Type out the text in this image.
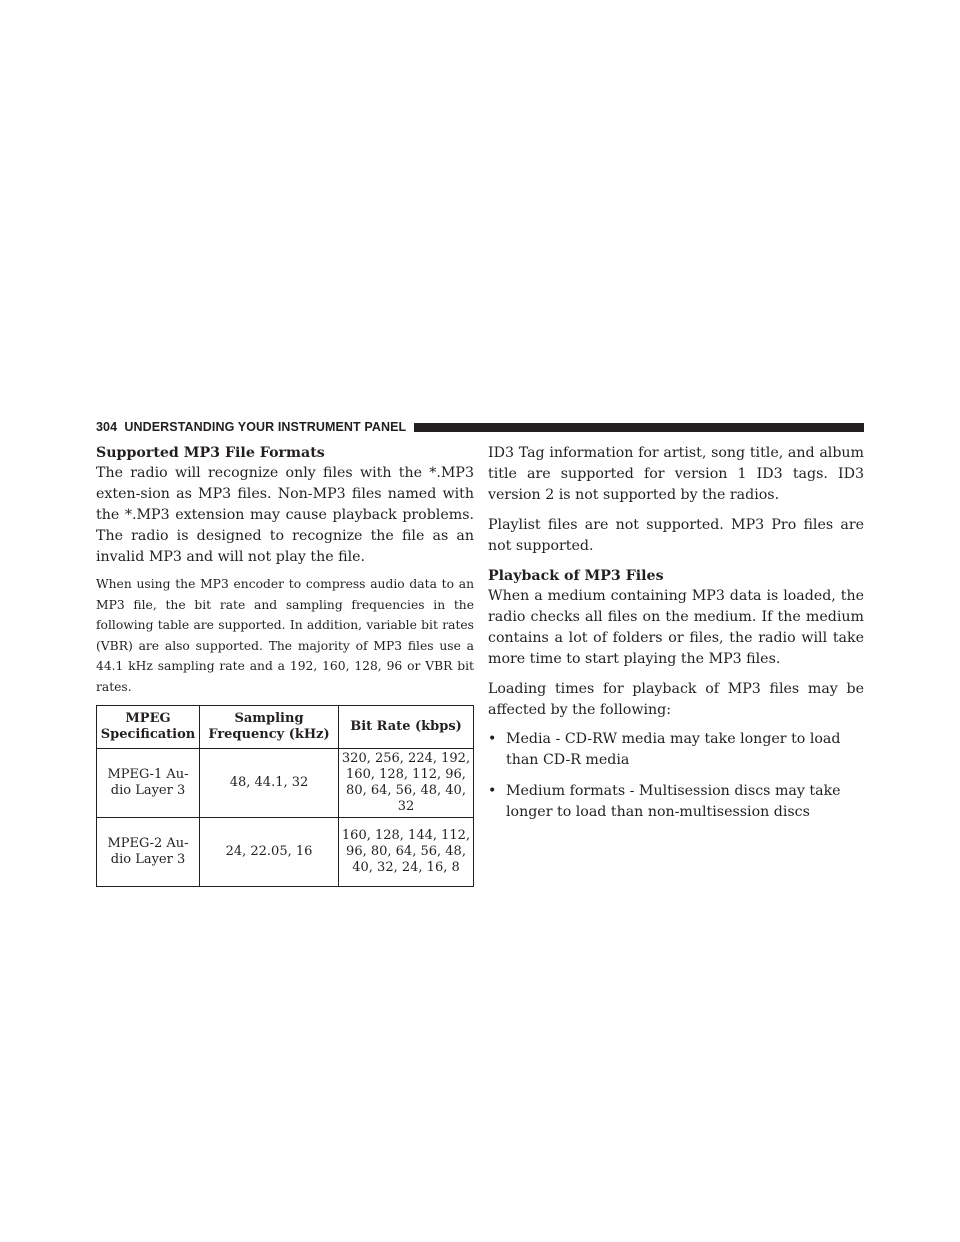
304 UNDERSTANDING YOUR INSTRUMENT PANEL

Supported MP3 File Formats

The radio will recognize only files with the *.MP3 exten-sion as MP3 files. Non-MP3 files named with the *.MP3 extension may cause playback problems. The radio is designed to recognize the file as an invalid MP3 and will not play the file.

When using the MP3 encoder to compress audio data to an MP3 file, the bit rate and sampling frequencies in the following table are supported. In addition, variable bit rates (VBR) are also supported. The majority of MP3 files use a 44.1 kHz sampling rate and a 192, 160, 128, 96 or VBR bit rates.

MPEG Specification	Sampling Frequency (kHz)	Bit Rate (kbps)
MPEG-1 Au-dio Layer 3	48, 44.1, 32	320, 256, 224, 192, 160, 128, 112, 96, 80, 64, 56, 48, 40, 32
MPEG-2 Au-dio Layer 3	24, 22.05, 16	160, 128, 144, 112, 96, 80, 64, 56, 48, 40, 32, 24, 16, 8

ID3 Tag information for artist, song title, and album title are supported for version 1 ID3 tags. ID3 version 2 is not supported by the radios.

Playlist files are not supported. MP3 Pro files are not supported.

Playback of MP3 Files

When a medium containing MP3 data is loaded, the radio checks all files on the medium. If the medium contains a lot of folders or files, the radio will take more time to start playing the MP3 files.

Loading times for playback of MP3 files may be affected by the following:

• Media - CD-RW media may take longer to load than CD-R media
• Medium formats - Multisession discs may take longer to load than non-multisession discs
